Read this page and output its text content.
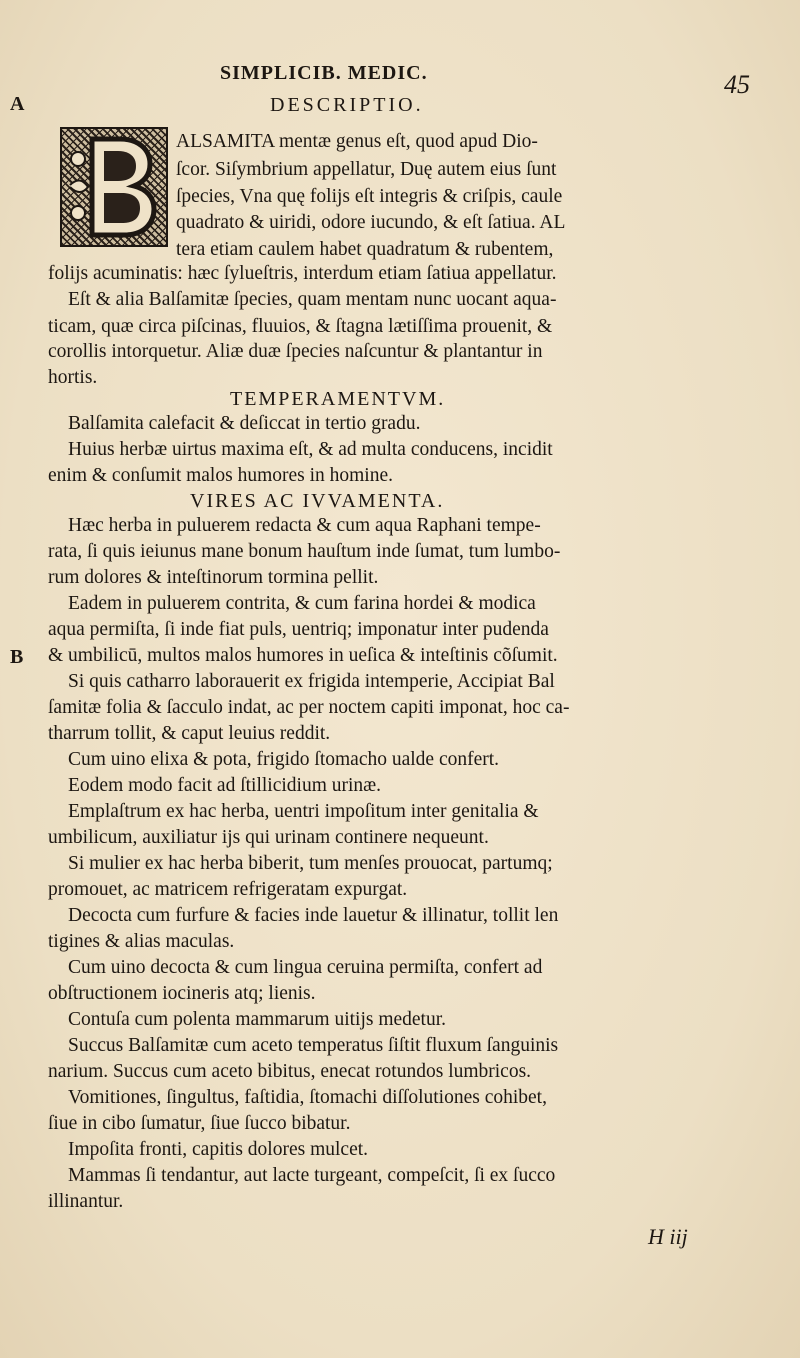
SIMPLICIB. MEDIC.	45
DESCRIPTIO.
A
B
ALSAMITA mentæ genus eſt, quod apud Dio-
ſcor. Siſymbrium appellatur, Duę autem eius ſunt
ſpecies, Vna quę folijs eſt integris & criſpis, caule
quadrato & uiridi, odore iucundo, & eſt ſatiua. AL
tera etiam caulem habet quadratum & rubentem,
folijs acuminatis: hæc ſylueſtris, interdum etiam ſatiua appellatur.
Eſt & alia Balſamitæ ſpecies, quam mentam nunc uocant aqua-
ticam, quæ circa piſcinas, fluuios, & ſtagna lætiſſima prouenit, &
corollis intorquetur. Aliæ duæ ſpecies naſcuntur & plantantur in
hortis.
TEMPERAMENTVM.
Balſamita calefacit & deſiccat in tertio gradu.
Huius herbæ uirtus maxima eſt, & ad multa conducens, incidit
enim & conſumit malos humores in homine.
VIRES AC IVVAMENTA.
Hæc herba in puluerem redacta & cum aqua Raphani tempe-
rata, ſi quis ieiunus mane bonum hauſtum inde ſumat, tum lumbo-
rum dolores & inteſtinorum tormina pellit.
Eadem in puluerem contrita, & cum farina hordei & modica
aqua permiſta, ſi inde fiat puls, uentriq; imponatur inter pudenda
& umbilicū, multos malos humores in ueſica & inteſtinis cõſumit.
Si quis catharro laborauerit ex frigida intemperie, Accipiat Bal
ſamitæ folia & ſacculo indat, ac per noctem capiti imponat, hoc ca-
tharrum tollit, & caput leuius reddit.
Cum uino elixa & pota, frigido ſtomacho ualde confert.
Eodem modo facit ad ſtillicidium urinæ.
Emplaſtrum ex hac herba, uentri impoſitum inter genitalia &
umbilicum, auxiliatur ijs qui urinam continere nequeunt.
Si mulier ex hac herba biberit, tum menſes prouocat, partumq;
promouet, ac matricem refrigeratam expurgat.
Decocta cum furfure & facies inde lauetur & illinatur, tollit len
tigines & alias maculas.
Cum uino decocta & cum lingua ceruina permiſta, confert ad
obſtructionem iocineris atq; lienis.
Contuſa cum polenta mammarum uitijs medetur.
Succus Balſamitæ cum aceto temperatus ſiſtit fluxum ſanguinis
narium. Succus cum aceto bibitus, enecat rotundos lumbricos.
Vomitiones, ſingultus, faſtidia, ſtomachi diſſolutiones cohibet,
ſiue in cibo ſumatur, ſiue ſucco bibatur.
Impoſita fronti, capitis dolores mulcet.
Mammas ſi tendantur, aut lacte turgeant, compeſcit, ſi ex ſucco
illinantur.
H iij
